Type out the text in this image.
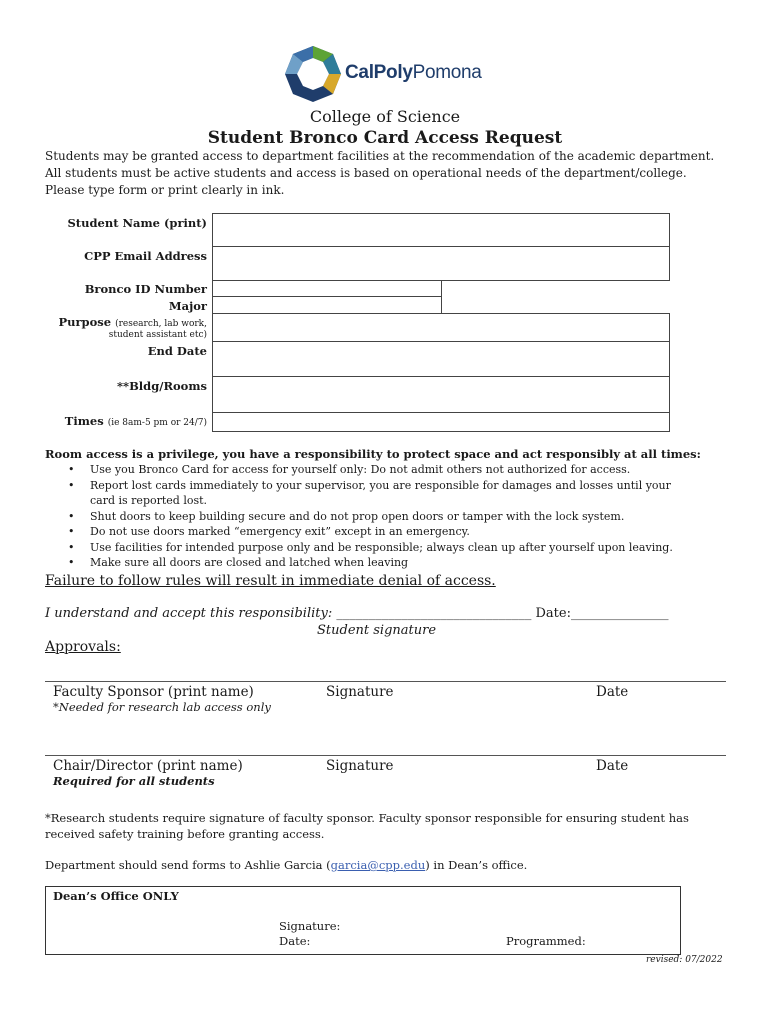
CalPolyPomona
College of Science
Student Bronco Card Access Request
Students may be granted access to department facilities at the recommendation of the academic department. All students must be active students and access is based on operational needs of the department/college. Please type form or print clearly in ink.
Student Name (print)
CPP Email Address
Bronco ID Number
Major
Purpose (research, lab work,
student assistant etc)
End Date
**Bldg/Rooms
Times (ie 8am-5 pm or 24/7)
Room access is a privilege, you have a responsibility to protect space and act responsibly at all times:
• Use you Bronco Card for access for yourself only: Do not admit others not authorized for access.
• Report lost cards immediately to your supervisor, you are responsible for damages and losses until your card is reported lost.
• Shut doors to keep building secure and do not prop open doors or tamper with the lock system.
• Do not use doors marked “emergency exit” except in an emergency.
• Use facilities for intended purpose only and be responsible; always clean up after yourself upon leaving.
• Make sure all doors are closed and latched when leaving
Failure to follow rules will result in immediate denial of access.
I understand and accept this responsibility: ______________________________ Date:_______________
Student signature
Approvals:
Faculty Sponsor (print name)	Signature	Date
*Needed for research lab access only
Chair/Director (print name)	Signature	Date
Required for all students
*Research students require signature of faculty sponsor. Faculty sponsor responsible for ensuring student has received safety training before granting access.
Department should send forms to Ashlie Garcia (garcia@cpp.edu) in Dean’s office.
Dean’s Office ONLY
Signature:
Date:	Programmed:
revised: 07/2022
